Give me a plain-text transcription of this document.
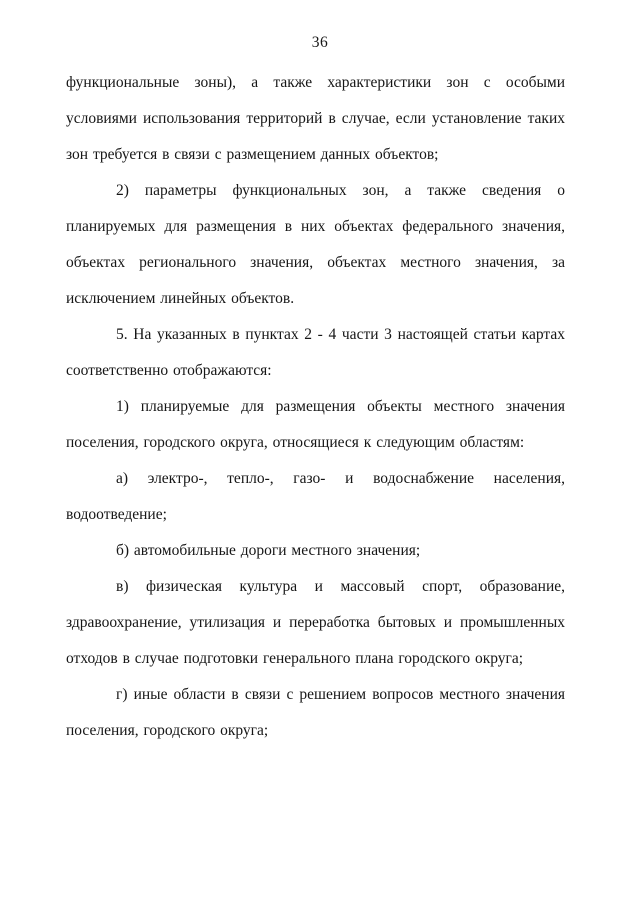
36

функциональные зоны), а также характеристики зон с особыми условиями использования территорий в случае, если установление таких зон требуется в связи с размещением данных объектов;

2) параметры функциональных зон, а также сведения о планируемых для размещения в них объектах федерального значения, объектах регионального значения, объектах местного значения, за исключением линейных объектов.

5. На указанных в пунктах 2 - 4 части 3 настоящей статьи картах соответственно отображаются:

1) планируемые для размещения объекты местного значения поселения, городского округа, относящиеся к следующим областям:

а) электро-, тепло-, газо- и водоснабжение населения, водоотведение;

б) автомобильные дороги местного значения;

в) физическая культура и массовый спорт, образование, здравоохранение, утилизация и переработка бытовых и промышленных отходов в случае подготовки генерального плана городского округа;

г) иные области в связи с решением вопросов местного значения поселения, городского округа;
